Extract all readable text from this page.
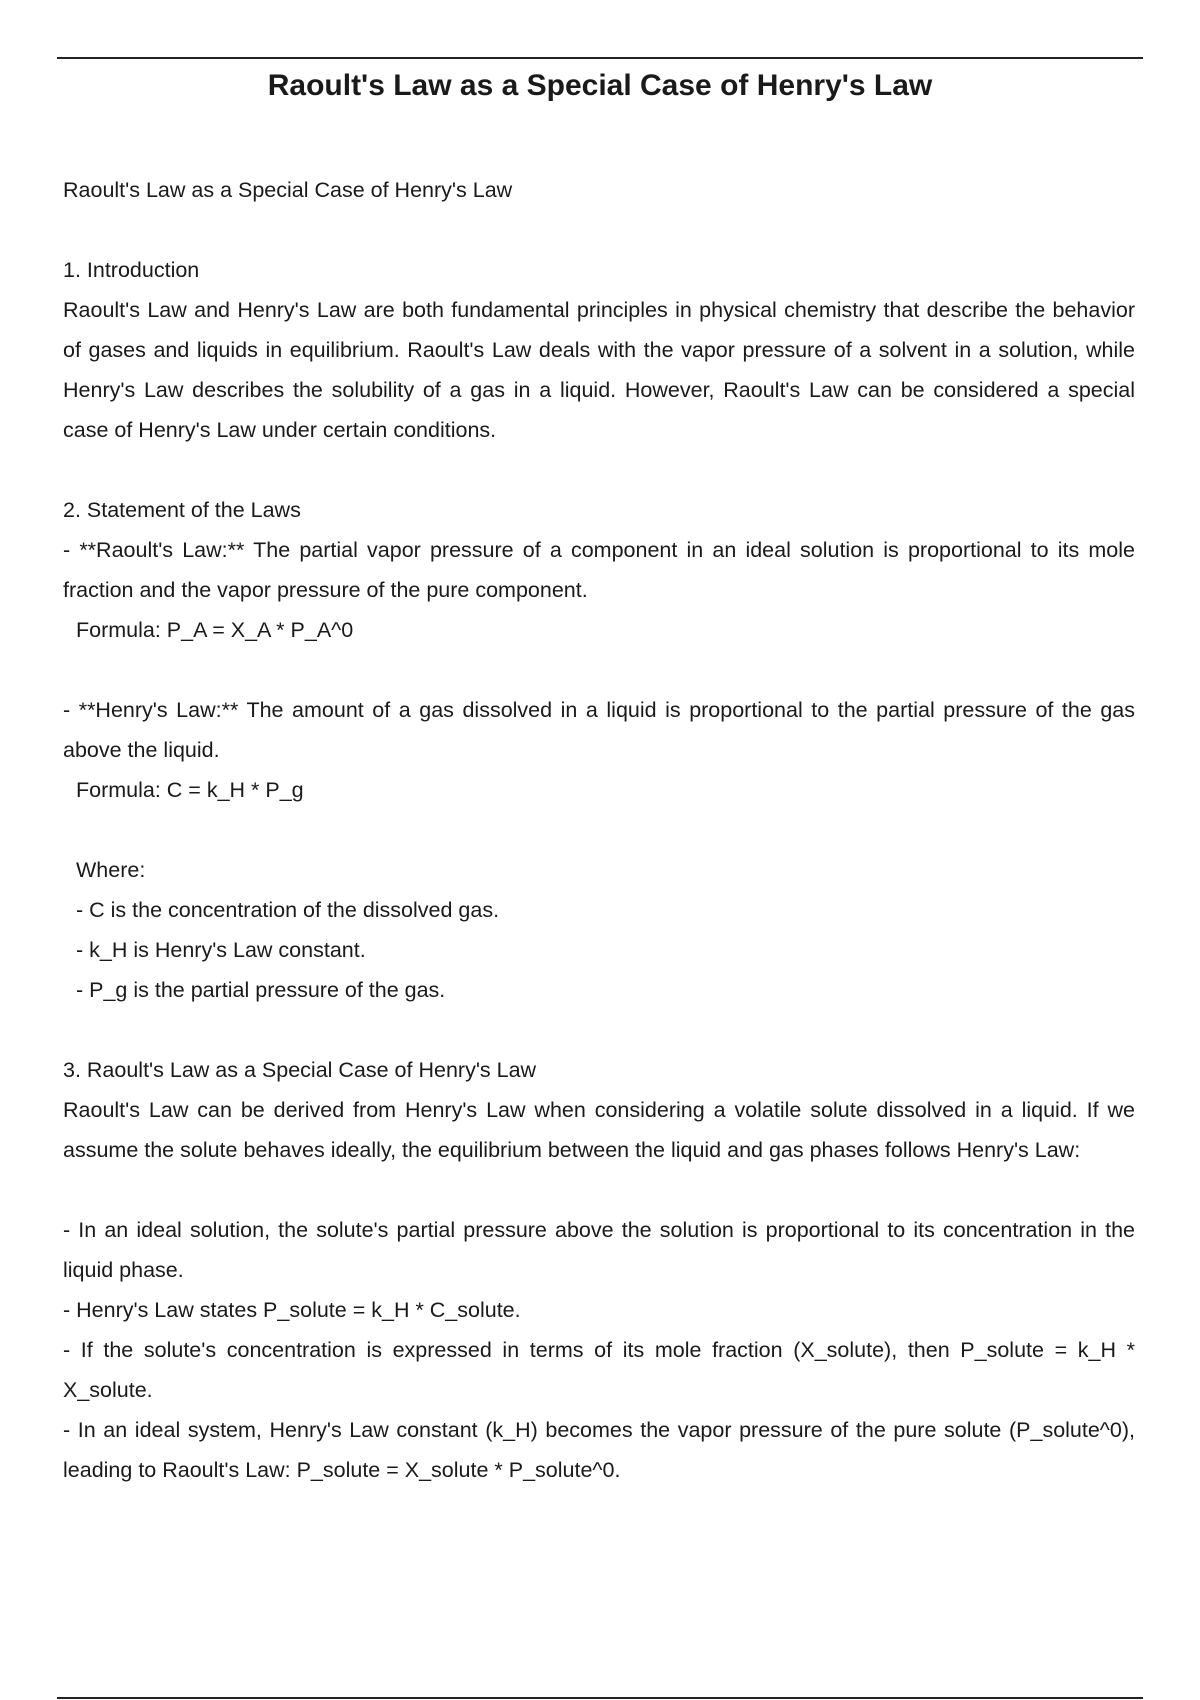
Raoult's Law as a Special Case of Henry's Law

Raoult's Law as a Special Case of Henry's Law

1. Introduction

Raoult's Law and Henry's Law are both fundamental principles in physical chemistry that describe the behavior of gases and liquids in equilibrium. Raoult's Law deals with the vapor pressure of a solvent in a solution, while Henry's Law describes the solubility of a gas in a liquid. However, Raoult's Law can be considered a special case of Henry's Law under certain conditions.

2. Statement of the Laws

- **Raoult's Law:** The partial vapor pressure of a component in an ideal solution is proportional to its mole fraction and the vapor pressure of the pure component.

Formula: P_A = X_A * P_A^0

- **Henry's Law:** The amount of a gas dissolved in a liquid is proportional to the partial pressure of the gas above the liquid.

Formula: C = k_H * P_g

Where:

- C is the concentration of the dissolved gas.

- k_H is Henry's Law constant.

- P_g is the partial pressure of the gas.

3. Raoult's Law as a Special Case of Henry's Law

Raoult's Law can be derived from Henry's Law when considering a volatile solute dissolved in a liquid. If we assume the solute behaves ideally, the equilibrium between the liquid and gas phases follows Henry's Law:

- In an ideal solution, the solute's partial pressure above the solution is proportional to its concentration in the liquid phase.

- Henry's Law states P_solute = k_H * C_solute.

- If the solute's concentration is expressed in terms of its mole fraction (X_solute), then P_solute = k_H * X_solute.

- In an ideal system, Henry's Law constant (k_H) becomes the vapor pressure of the pure solute (P_solute^0), leading to Raoult's Law: P_solute = X_solute * P_solute^0.
